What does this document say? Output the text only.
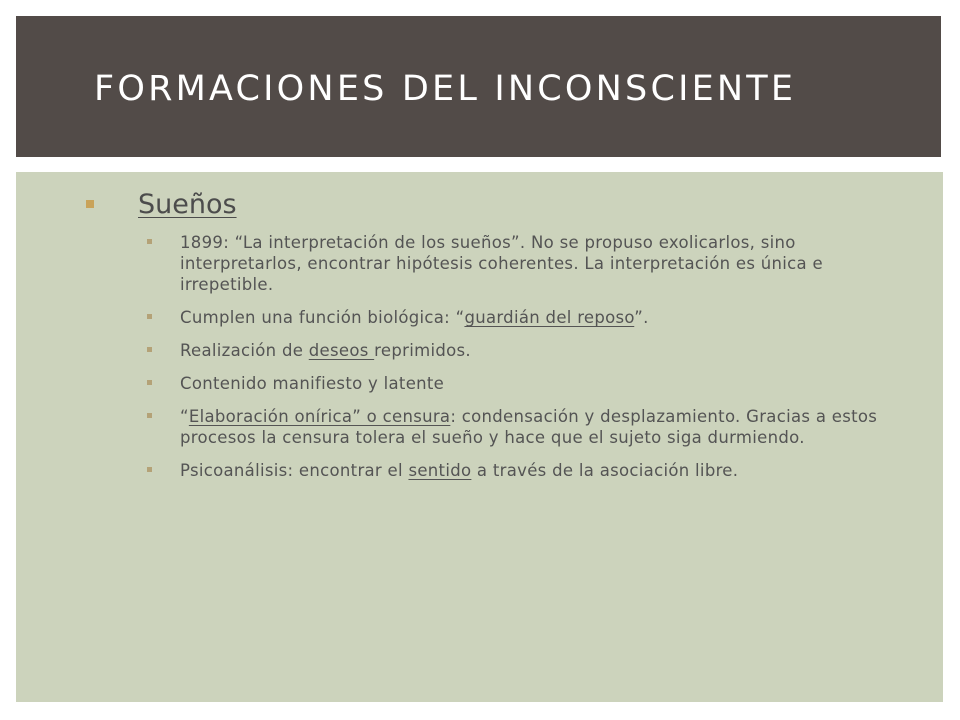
FORMACIONES DEL INCONSCIENTE
Sueños
1899: “La interpretación de los sueños”. No se propuso exolicarlos, sino interpretarlos, encontrar hipótesis coherentes. La interpretación es única e irrepetible.
Cumplen una función biológica: “guardián del reposo”.
Realización de deseos reprimidos.
Contenido manifiesto y latente
“Elaboración onírica” o censura: condensación y desplazamiento. Gracias a estos procesos la censura tolera el sueño y hace que el sujeto siga durmiendo.
Psicoanálisis: encontrar el sentido a través de la asociación libre.
